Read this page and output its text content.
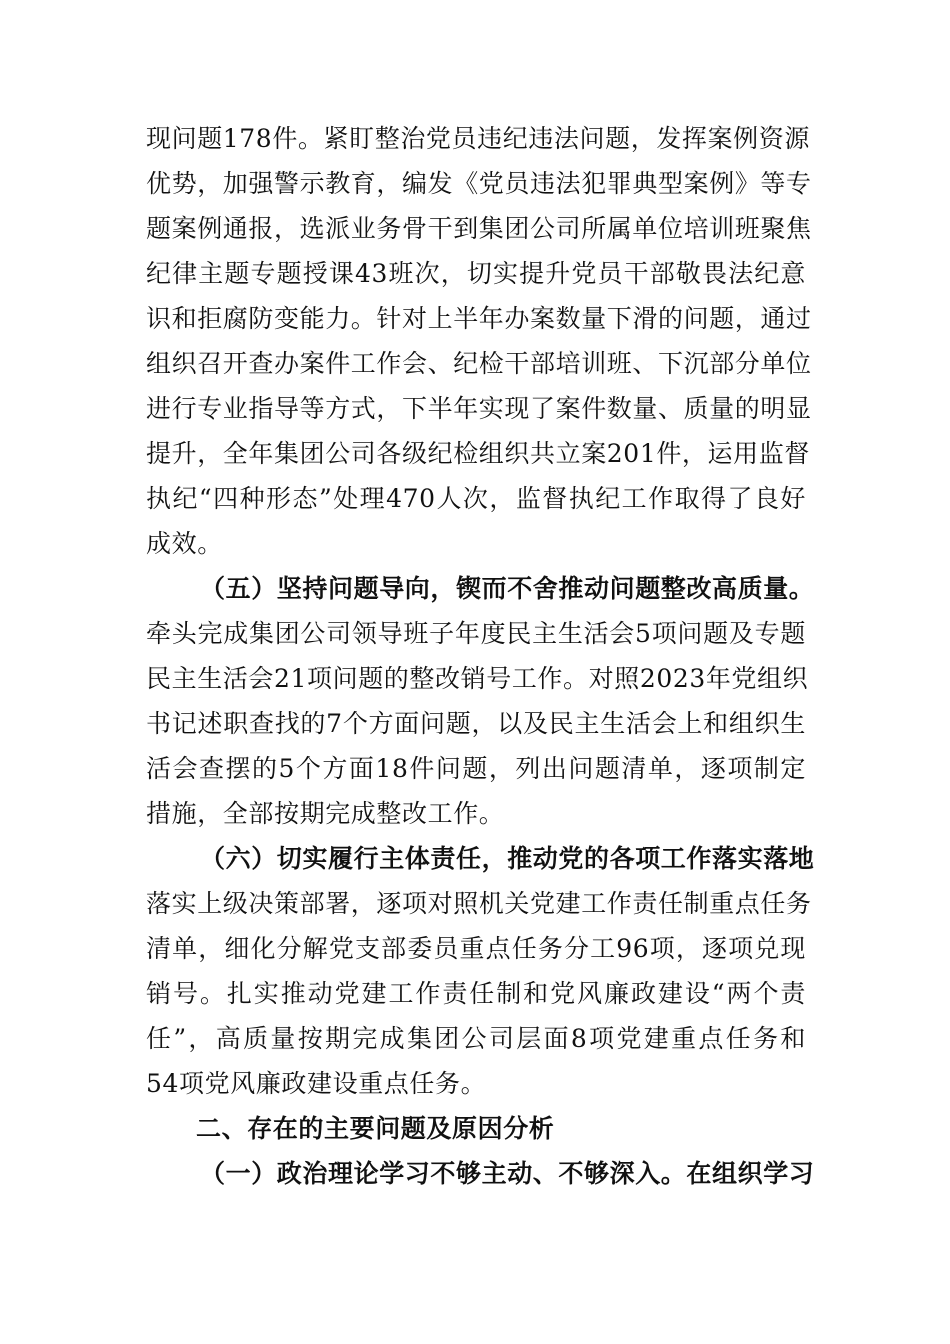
现问题178件。紧盯整治党员违纪违法问题，发挥案例资源
优势，加强警示教育，编发《党员违法犯罪典型案例》等专
题案例通报，选派业务骨干到集团公司所属单位培训班聚焦
纪律主题专题授课43班次，切实提升党员干部敬畏法纪意
识和拒腐防变能力。针对上半年办案数量下滑的问题，通过
组织召开查办案件工作会、纪检干部培训班、下沉部分单位
进行专业指导等方式，下半年实现了案件数量、质量的明显
提升，全年集团公司各级纪检组织共立案201件，运用监督
执纪“四种形态”处理470人次，监督执纪工作取得了良好
成效。
（五）坚持问题导向，锲而不舍推动问题整改高质量。
牵头完成集团公司领导班子年度民主生活会5项问题及专题
民主生活会21项问题的整改销号工作。对照2023年党组织
书记述职查找的7个方面问题，以及民主生活会上和组织生
活会查摆的5个方面18件问题，列出问题清单，逐项制定
措施，全部按期完成整改工作。
（六）切实履行主体责任，推动党的各项工作落实落地
落实上级决策部署，逐项对照机关党建工作责任制重点任务
清单，细化分解党支部委员重点任务分工96项，逐项兑现
销号。扎实推动党建工作责任制和党风廉政建设“两个责
任”，高质量按期完成集团公司层面8项党建重点任务和
54项党风廉政建设重点任务。
二、存在的主要问题及原因分析
（一）政治理论学习不够主动、不够深入。在组织学习
